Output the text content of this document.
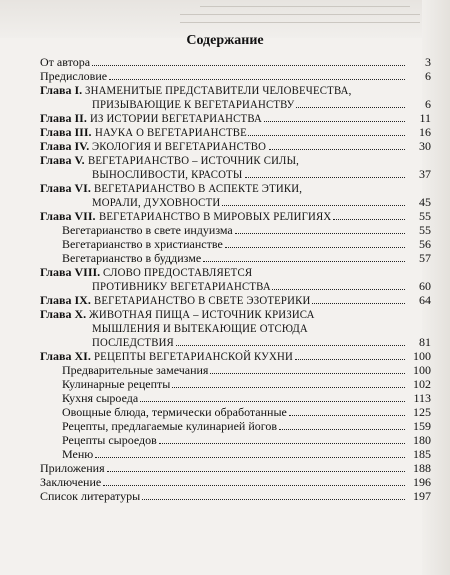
Содержание
От автора	3
Предисловие	6
Глава I. ЗНАМЕНИТЫЕ ПРЕДСТАВИТЕЛИ ЧЕЛОВЕЧЕСТВА,
ПРИЗЫВАЮЩИЕ К ВЕГЕТАРИАНСТВУ	6
Глава II. ИЗ ИСТОРИИ ВЕГЕТАРИАНСТВА	11
Глава III. НАУКА О ВЕГЕТАРИАНСТВЕ	16
Глава IV. ЭКОЛОГИЯ И ВЕГЕТАРИАНСТВО	30
Глава V. ВЕГЕТАРИАНСТВО – ИСТОЧНИК СИЛЫ,
ВЫНОСЛИВОСТИ, КРАСОТЫ	37
Глава VI. ВЕГЕТАРИАНСТВО В АСПЕКТЕ ЭТИКИ,
МОРАЛИ, ДУХОВНОСТИ	45
Глава VII. ВЕГЕТАРИАНСТВО В МИРОВЫХ РЕЛИГИЯХ	55
Вегетарианство в свете индуизма	55
Вегетарианство в христианстве	56
Вегетарианство в буддизме	57
Глава VIII. СЛОВО ПРЕДОСТАВЛЯЕТСЯ
ПРОТИВНИКУ ВЕГЕТАРИАНСТВА	60
Глава IX. ВЕГЕТАРИАНСТВО В СВЕТЕ ЭЗОТЕРИКИ	64
Глава X. ЖИВОТНАЯ ПИЩА – ИСТОЧНИК КРИЗИСА
МЫШЛЕНИЯ И ВЫТЕКАЮЩИЕ ОТСЮДА
ПОСЛЕДСТВИЯ	81
Глава XI. РЕЦЕПТЫ ВЕГЕТАРИАНСКОЙ КУХНИ	100
Предварительные замечания	100
Кулинарные рецепты	102
Кухня сыроеда	113
Овощные блюда, термически обработанные	125
Рецепты, предлагаемые кулинарией йогов	159
Рецепты сыроедов	180
Меню	185
Приложения	188
Заключение	196
Список литературы	197
